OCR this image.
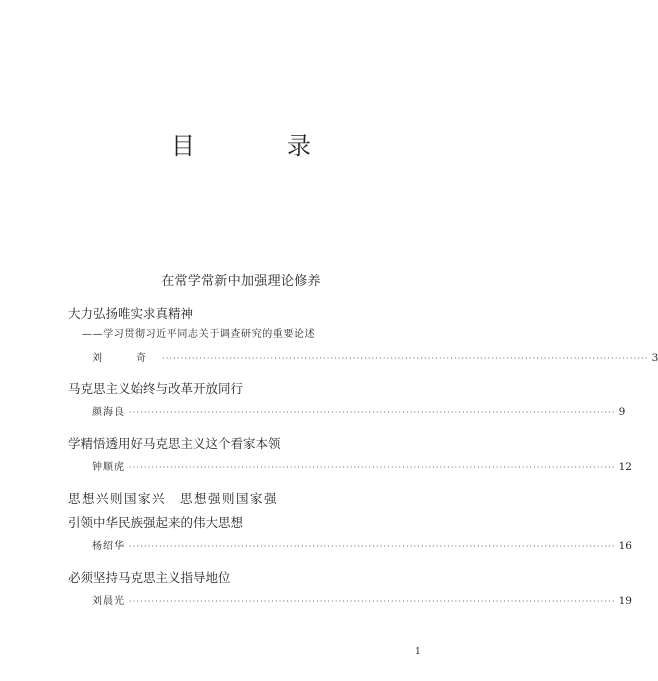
目　录
在常学常新中加强理论修养
大力弘扬唯实求真精神
——学习贯彻习近平同志关于调查研究的重要论述
刘　奇 ·································································································································· 3
马克思主义始终与改革开放同行
颜海良 ·································································································································· 9
学精悟透用好马克思主义这个看家本领
钟顺虎 ·································································································································· 12
思想兴则国家兴　思想强则国家强
引领中华民族强起来的伟大思想
杨绍华 ·································································································································· 16
必须坚持马克思主义指导地位
刘晨光 ·································································································································· 19
1
